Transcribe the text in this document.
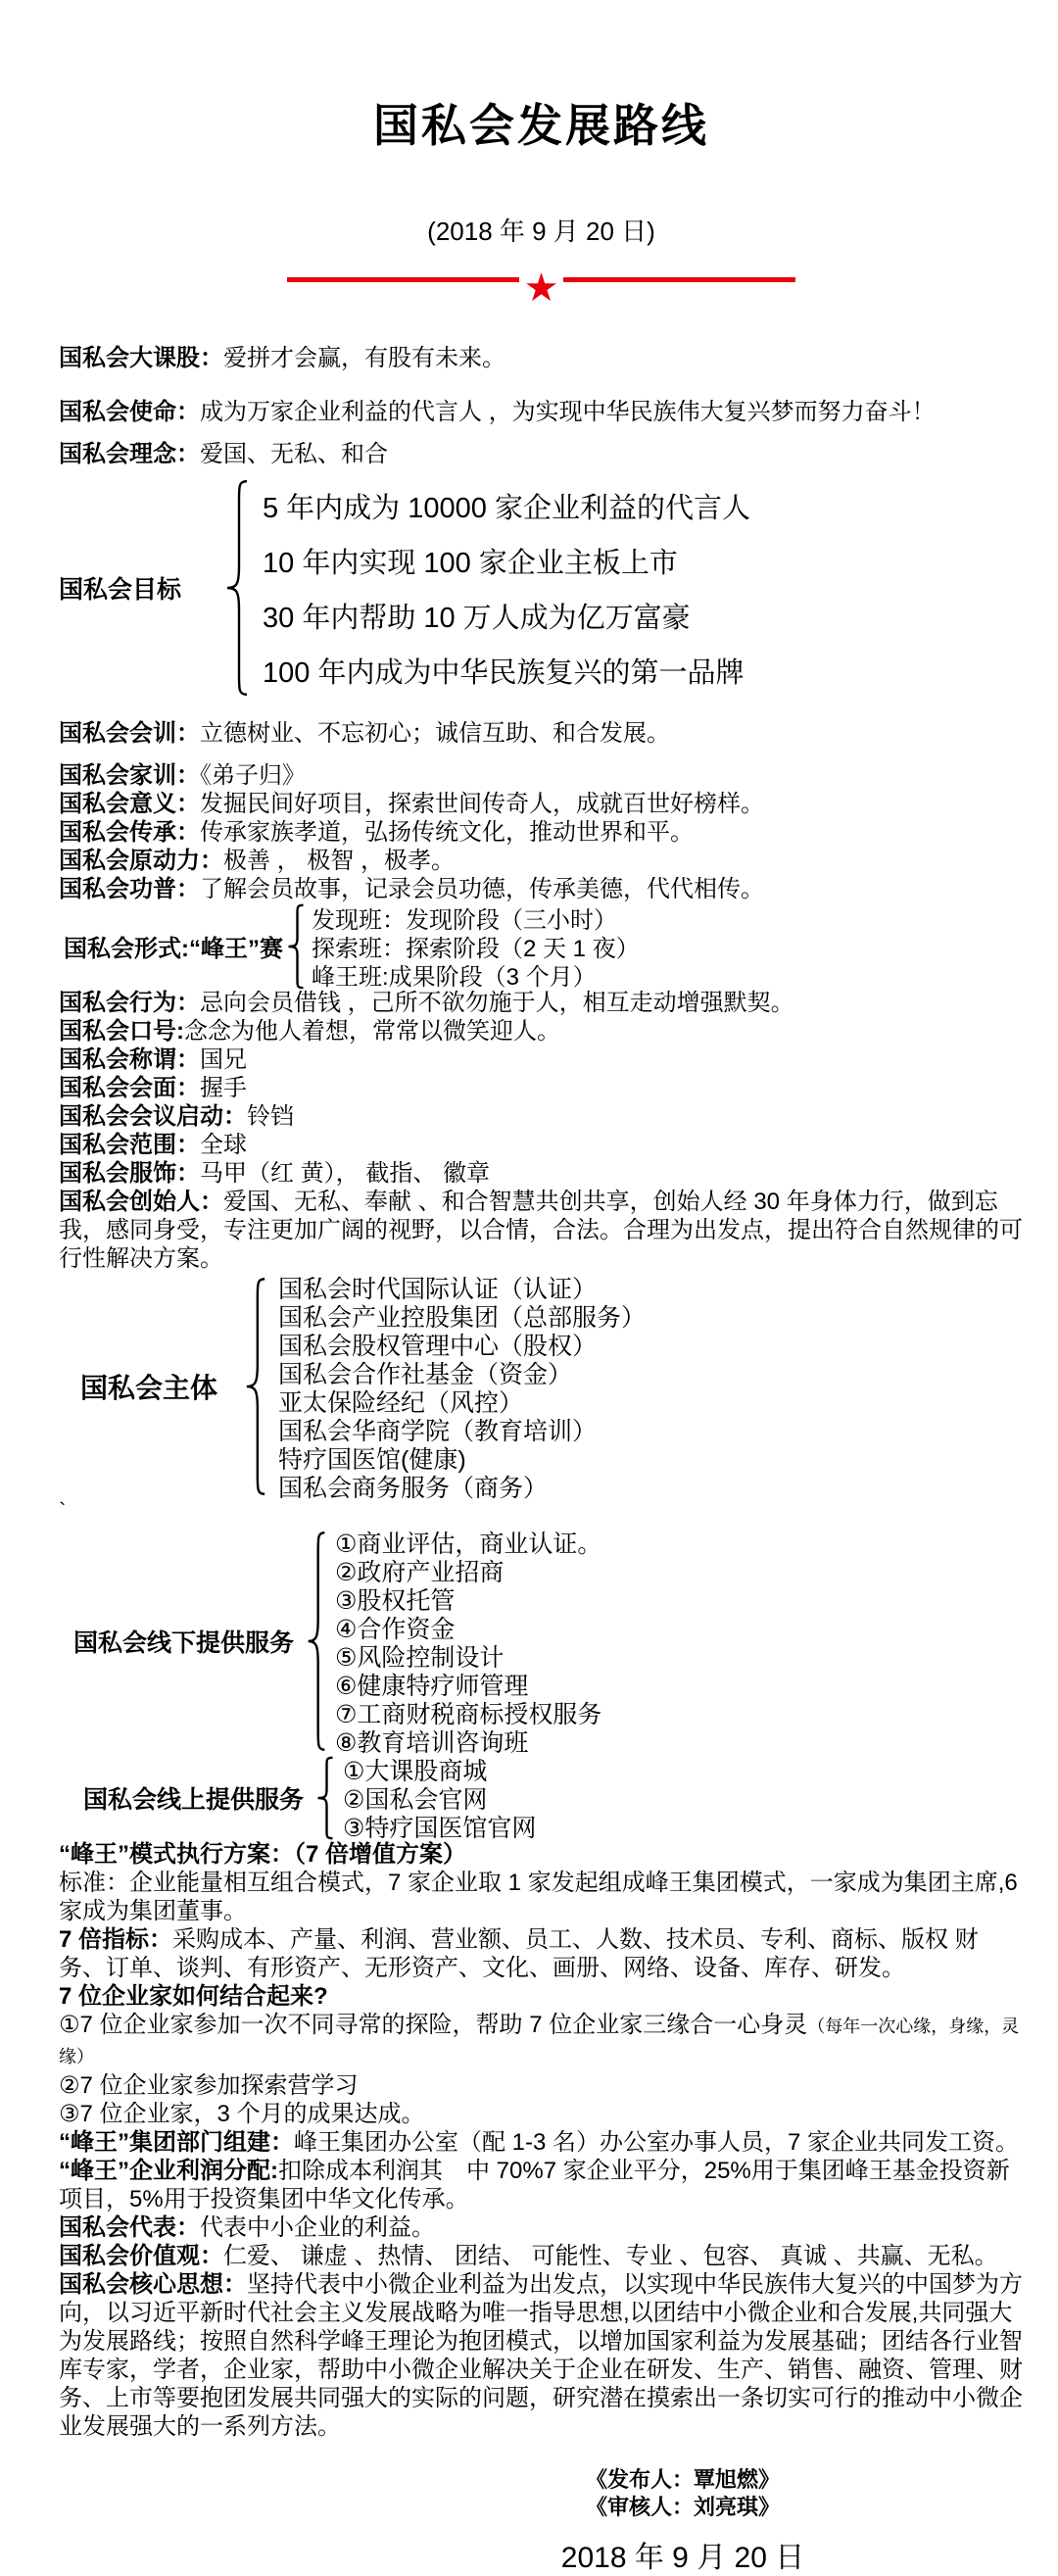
国私会发展路线
(2018 年 9 月 20 日)
★

国私会大课股：爱拼才会赢，有股有未来。

国私会使命：成为万家企业利益的代言人 ，为实现中华民族伟大复兴梦而努力奋斗！

国私会理念：爱国、无私、和合

国私会目标
5 年内成为 10000 家企业利益的代言人
10 年内实现 100 家企业主板上市
30 年内帮助 10 万人成为亿万富豪
100 年内成为中华民族复兴的第一品牌

国私会会训：立德树业、不忘初心；诚信互助、和合发展。

国私会家训：《弟子归》

国私会意义：发掘民间好项目，探索世间传奇人，成就百世好榜样。

国私会传承：传承家族孝道，弘扬传统文化，推动世界和平。

国私会原动力：极善 ， 极智 ，极孝。

国私会功普：了解会员故事，记录会员功德，传承美德，代代相传。

国私会形式:“峰王”赛
发现班：发现阶段（三小时）
探索班：探索阶段（2 天 1 夜）
峰王班:成果阶段（3 个月）

国私会行为：忌向会员借钱 ，己所不欲勿施于人，相互走动增强默契。

国私会口号:念念为他人着想，常常以微笑迎人。

国私会称谓：国兄

国私会会面：握手

国私会会议启动：铃铛

国私会范围：全球

国私会服饰：马甲（红 黄）， 截指、 徽章

国私会创始人：爱国、无私、奉献 、和合智慧共创共享，创始人经 30 年身体力行，做到忘我，感同身受，专注更加广阔的视野，以合情，合法。合理为出发点，提出符合自然规律的可行性解决方案。

国私会主体
国私会时代国际认证（认证）
国私会产业控股集团（总部服务）
国私会股权管理中心（股权）
国私会合作社基金（资金）
亚太保险经纪（风控）
国私会华商学院（教育培训）
特疗国医馆(健康)
国私会商务服务（商务）

`

国私会线下提供服务
①商业评估，商业认证。
②政府产业招商
③股权托管
④合作资金
⑤风险控制设计
⑥健康特疗师管理
⑦工商财税商标授权服务
⑧教育培训咨询班
国私会线上提供服务
①大课股商城
②国私会官网
③特疗国医馆官网

“峰王”模式执行方案：（7 倍增值方案）

标准：企业能量相互组合模式，7 家企业取 1 家发起组成峰王集团模式，一家成为集团主席,6 家成为集团董事。

7 倍指标：采购成本、产量、利润、营业额、员工、人数、技术员、专利、商标、版权 财务、订单、谈判、有形资产、无形资产、文化、画册、网络、设备、库存、研发。

7 位企业家如何结合起来?

①7 位企业家参加一次不同寻常的探险，帮助 7 位企业家三缘合一心身灵（每年一次心缘，身缘，灵缘）

②7 位企业家参加探索营学习

③7 位企业家，3 个月的成果达成。

“峰王”集团部门组建：峰王集团办公室（配 1-3 名）办公室办事人员，7 家企业共同发工资。

“峰王”企业利润分配:扣除成本利润其　中 70%7 家企业平分，25%用于集团峰王基金投资新项目，5%用于投资集团中华文化传承。

国私会代表：代表中小企业的利益。

国私会价值观：仁爱、 谦虚 、热情、 团结、 可能性、专业 、包容、 真诚 、共赢、无私。

国私会核心思想：坚持代表中小微企业利益为出发点，以实现中华民族伟大复兴的中国梦为方向，以习近平新时代社会主义发展战略为唯一指导思想,以团结中小微企业和合发展,共同强大为发展路线；按照自然科学峰王理论为抱团模式，以增加国家利益为发展基础；团结各行业智库专家，学者，企业家，帮助中小微企业解决关于企业在研发、生产、销售、融资、管理、财务、上市等要抱团发展共同强大的实际的问题，研究潜在摸索出一条切实可行的推动中小微企业发展强大的一系列方法。

《发布人：覃旭燃》
《审核人：刘亮琪》
2018 年 9 月 20 日
